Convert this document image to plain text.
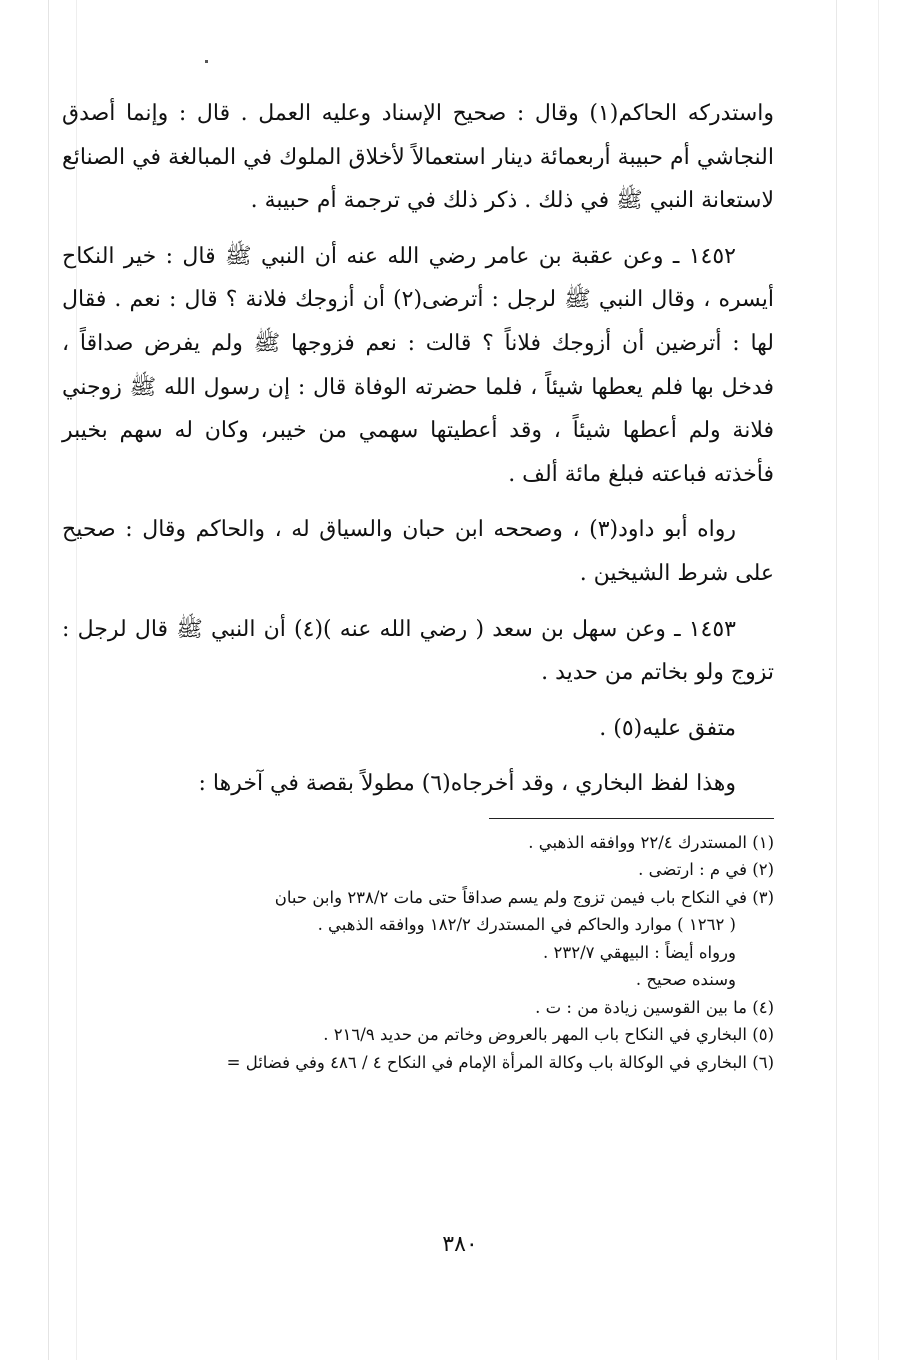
واستدركه الحاكم(١) وقال : صحيح الإسناد وعليه العمل . قال : وإنما أصدق النجاشي أم حبيبة أربعمائة دينار استعمالاً لأخلاق الملوك في المبالغة في الصنائع لاستعانة النبي ﷺ في ذلك . ذكر ذلك في ترجمة أم حبيبة .

١٤٥٢ ـ وعن عقبة بن عامر رضي الله عنه أن النبي ﷺ قال : خير النكاح أيسره ، وقال النبي ﷺ لرجل : أترضى(٢) أن أزوجك فلانة ؟ قال : نعم . فقال لها : أترضين أن أزوجك فلاناً ؟ قالت : نعم فزوجها ﷺ ولم يفرض صداقاً ، فدخل بها فلم يعطها شيئاً ، فلما حضرته الوفاة قال : إن رسول الله ﷺ زوجني فلانة ولم أعطها شيئاً ، وقد أعطيتها سهمي من خيبر، وكان له سهم بخيبر فأخذته فباعته فبلغ مائة ألف .

رواه أبو داود(٣) ، وصححه ابن حبان والسياق له ، والحاكم وقال : صحيح على شرط الشيخين .

١٤٥٣ ـ وعن سهل بن سعد ( رضي الله عنه )(٤) أن النبي ﷺ قال لرجل : تزوج ولو بخاتم من حديد .

متفق عليه(٥) .

وهذا لفظ البخاري ، وقد أخرجاه(٦) مطولاً بقصة في آخرها :

(١) المستدرك ٢٢/٤ ووافقه الذهبي .

(٢) في م : ارتضى .

(٣) في النكاح باب فيمن تزوج ولم يسم صداقاً حتى مات ٢٣٨/٢ وابن حبان

( ١٢٦٢ ) موارد والحاكم في المستدرك ١٨٢/٢ ووافقه الذهبي .

ورواه أيضاً : البيهقي ٢٣٢/٧ .

وسنده صحيح .

(٤) ما بين القوسين زيادة من : ت .

(٥) البخاري في النكاح باب المهر بالعروض وخاتم من حديد ٢١٦/٩ .

(٦) البخاري في الوكالة باب وكالة المرأة الإمام في النكاح ٤ / ٤٨٦ وفي فضائل =

٣٨٠
